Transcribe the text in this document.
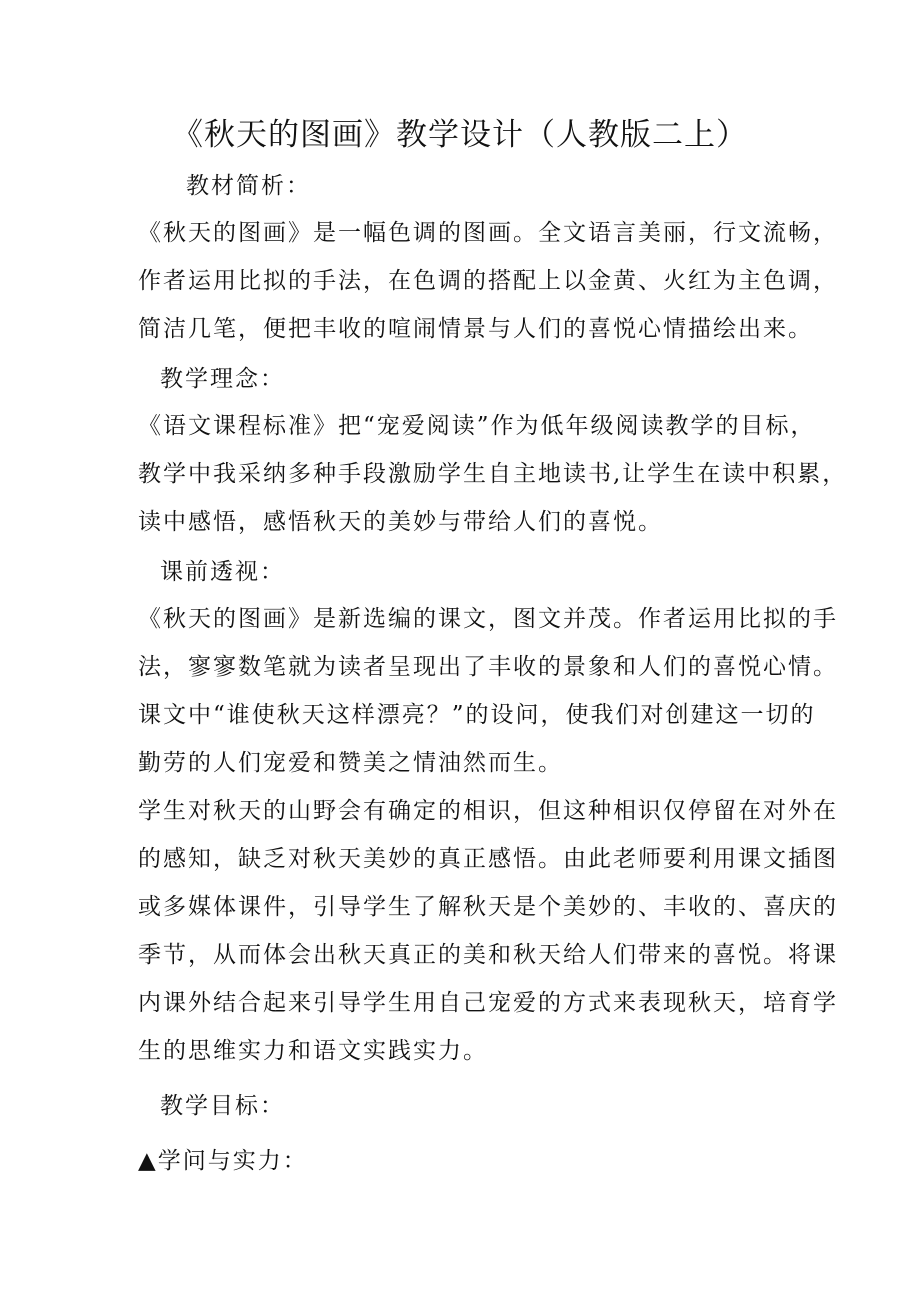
《秋天的图画》教学设计（人教版二上）
教材简析：
《秋天的图画》是一幅色调的图画。全文语言美丽，行文流畅，
作者运用比拟的手法，在色调的搭配上以金黄、火红为主色调，
简洁几笔，便把丰收的喧闹情景与人们的喜悦心情描绘出来。
教学理念：
《语文课程标准》把“宠爱阅读”作为低年级阅读教学的目标，
教学中我采纳多种手段激励学生自主地读书,让学生在读中积累，
读中感悟，感悟秋天的美妙与带给人们的喜悦。
课前透视：
《秋天的图画》是新选编的课文，图文并茂。作者运用比拟的手
法，寥寥数笔就为读者呈现出了丰收的景象和人们的喜悦心情。
课文中“谁使秋天这样漂亮？”的设问，使我们对创建这一切的
勤劳的人们宠爱和赞美之情油然而生。
学生对秋天的山野会有确定的相识，但这种相识仅停留在对外在
的感知，缺乏对秋天美妙的真正感悟。由此老师要利用课文插图
或多媒体课件，引导学生了解秋天是个美妙的、丰收的、喜庆的
季节，从而体会出秋天真正的美和秋天给人们带来的喜悦。将课
内课外结合起来引导学生用自己宠爱的方式来表现秋天，培育学
生的思维实力和语文实践实力。
教学目标：
▲学问与实力：
